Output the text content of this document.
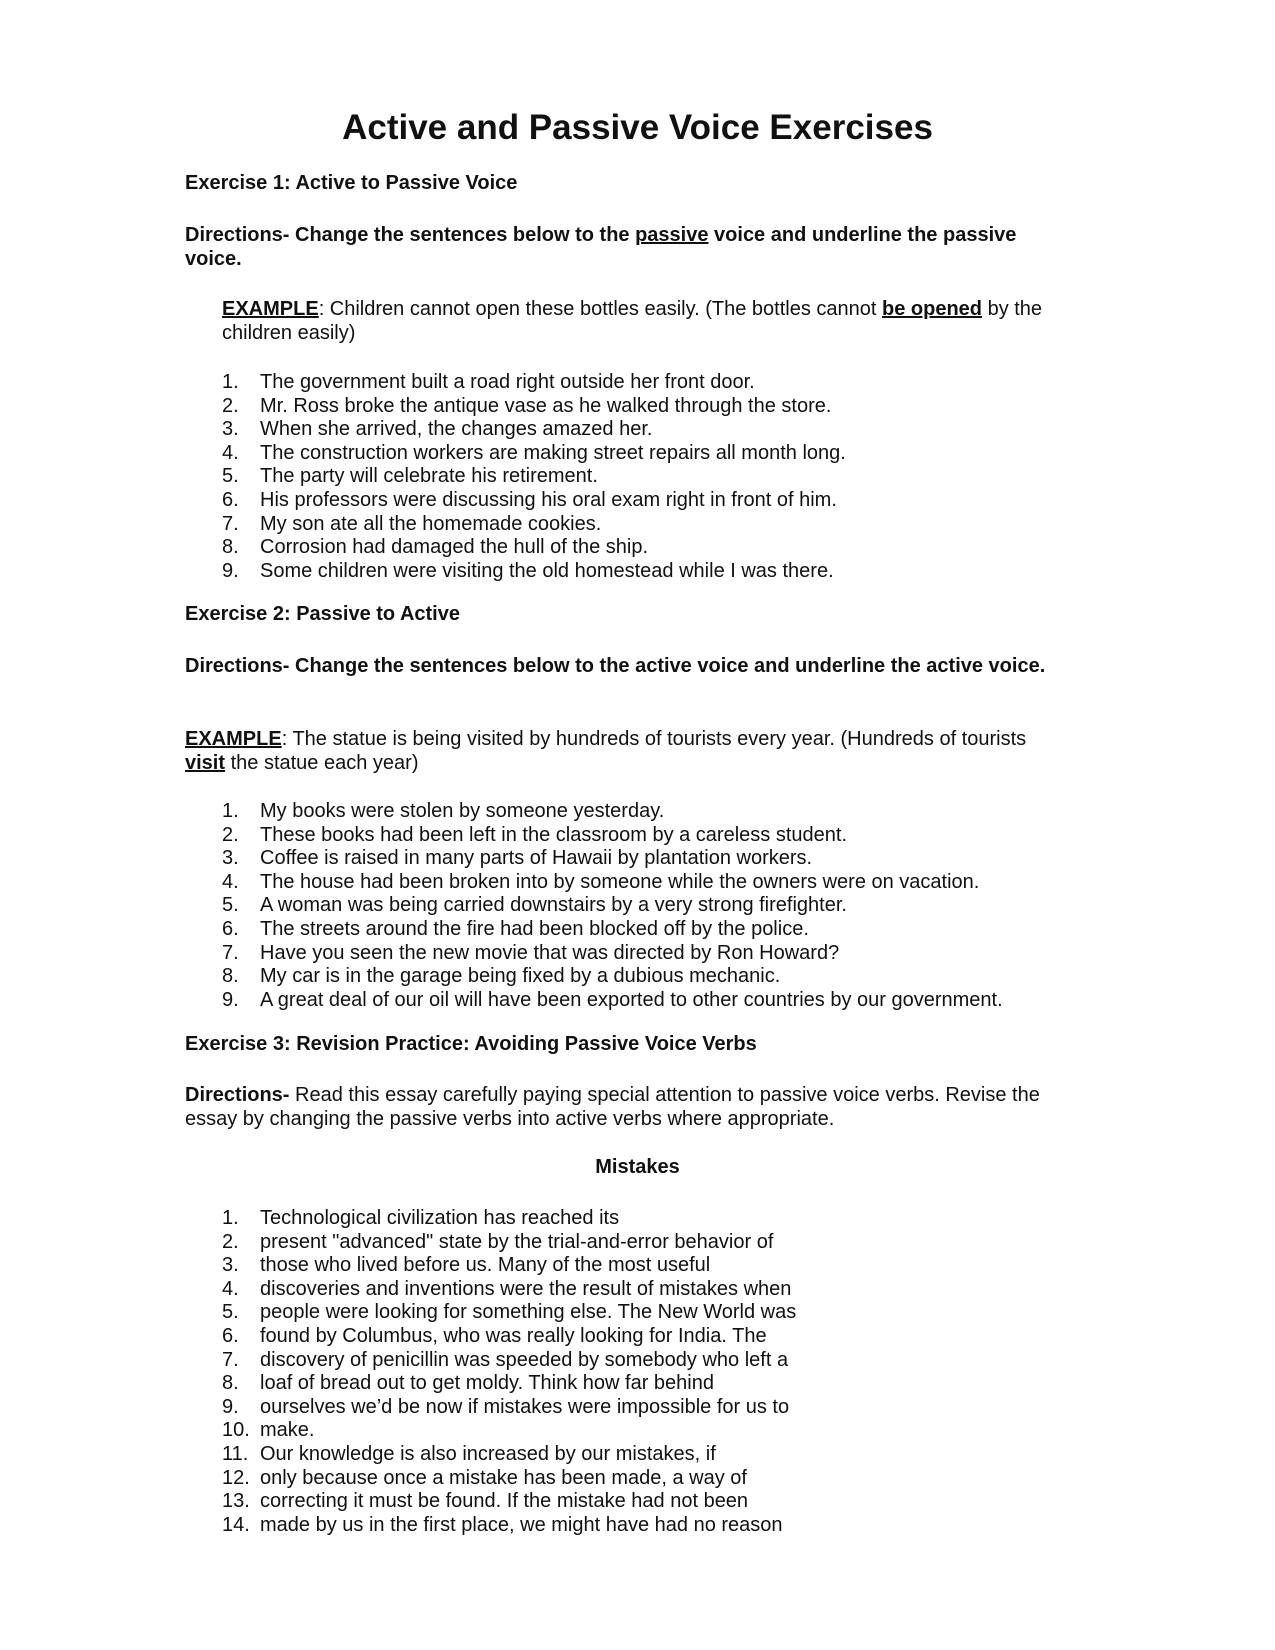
Active and Passive Voice Exercises

Exercise 1: Active to Passive Voice

Directions- Change the sentences below to the passive voice and underline the passive voice.

EXAMPLE: Children cannot open these bottles easily. (The bottles cannot be opened by the children easily)

1. The government built a road right outside her front door.
2. Mr. Ross broke the antique vase as he walked through the store.
3. When she arrived, the changes amazed her.
4. The construction workers are making street repairs all month long.
5. The party will celebrate his retirement.
6. His professors were discussing his oral exam right in front of him.
7. My son ate all the homemade cookies.
8. Corrosion had damaged the hull of the ship.
9. Some children were visiting the old homestead while I was there.

Exercise 2: Passive to Active

Directions- Change the sentences below to the active voice and underline the active voice.

EXAMPLE: The statue is being visited by hundreds of tourists every year. (Hundreds of tourists visit the statue each year)

1. My books were stolen by someone yesterday.
2. These books had been left in the classroom by a careless student.
3. Coffee is raised in many parts of Hawaii by plantation workers.
4. The house had been broken into by someone while the owners were on vacation.
5. A woman was being carried downstairs by a very strong firefighter.
6. The streets around the fire had been blocked off by the police.
7. Have you seen the new movie that was directed by Ron Howard?
8. My car is in the garage being fixed by a dubious mechanic.
9. A great deal of our oil will have been exported to other countries by our government.

Exercise 3: Revision Practice: Avoiding Passive Voice Verbs

Directions- Read this essay carefully paying special attention to passive voice verbs. Revise the essay by changing the passive verbs into active verbs where appropriate.

Mistakes

1. Technological civilization has reached its
2. present "advanced" state by the trial-and-error behavior of
3. those who lived before us. Many of the most useful
4. discoveries and inventions were the result of mistakes when
5. people were looking for something else. The New World was
6. found by Columbus, who was really looking for India. The
7. discovery of penicillin was speeded by somebody who left a
8. loaf of bread out to get moldy. Think how far behind
9. ourselves we’d be now if mistakes were impossible for us to
10. make.
11. Our knowledge is also increased by our mistakes, if
12. only because once a mistake has been made, a way of
13. correcting it must be found. If the mistake had not been
14. made by us in the first place, we might have had no reason
